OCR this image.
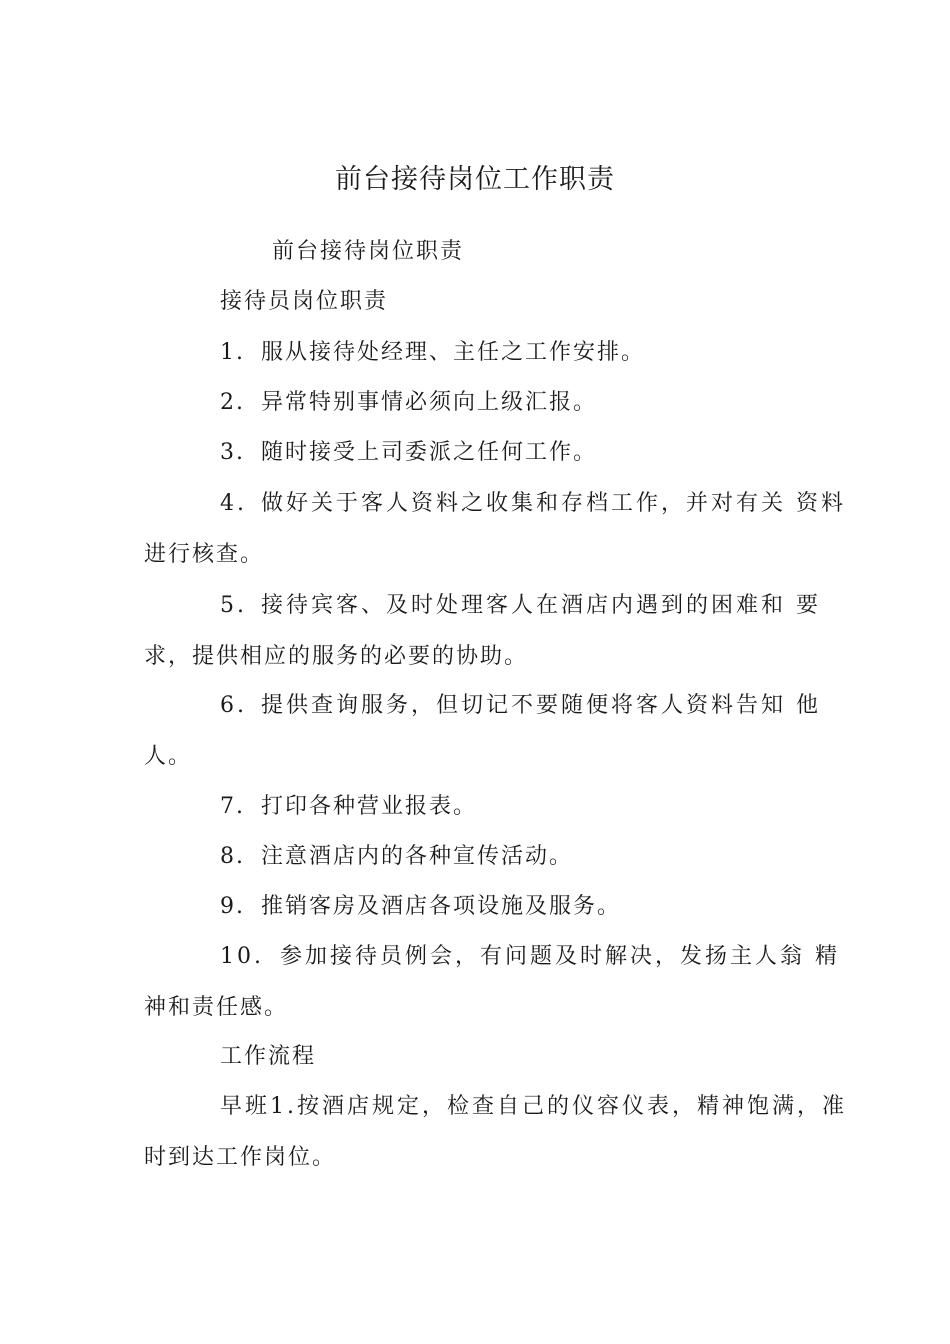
前台接待岗位工作职责
前台接待岗位职责
接待员岗位职责
1. 服从接待处经理、主任之工作安排。
2. 异常特别事情必须向上级汇报。
3. 随时接受上司委派之任何工作。
4. 做好关于客人资料之收集和存档工作，并对有关 资料
进行核查。
5. 接待宾客、及时处理客人在酒店内遇到的困难和 要
求，提供相应的服务的必要的协助。
6. 提供查询服务，但切记不要随便将客人资料告知 他
人。
7. 打印各种营业报表。
8. 注意酒店内的各种宣传活动。
9. 推销客房及酒店各项设施及服务。
10. 参加接待员例会，有问题及时解决，发扬主人翁 精
神和责任感。
工作流程
早班1.按酒店规定，检查自己的仪容仪表，精神饱满，准
时到达工作岗位。
